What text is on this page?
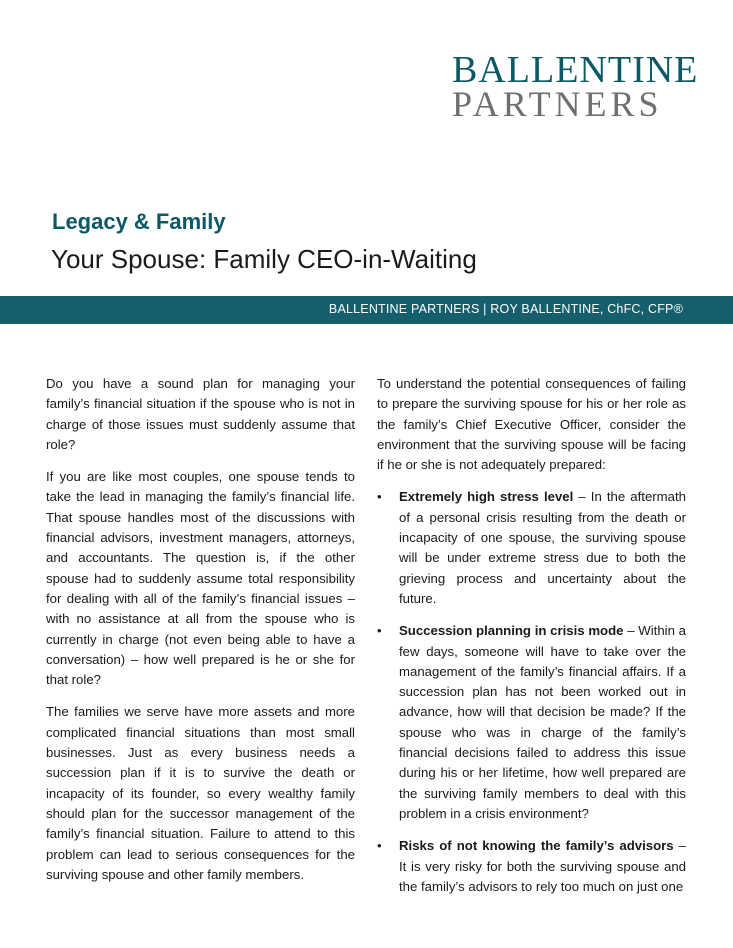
BALLENTINE
PARTNERS
Legacy & Family
Your Spouse: Family CEO-in-Waiting
BALLENTINE PARTNERS | ROY BALLENTINE, ChFC, CFP®

Do you have a sound plan for managing your family’s financial situation if the spouse who is not in charge of those issues must suddenly assume that role?

If you are like most couples, one spouse tends to take the lead in managing the family’s financial life. That spouse handles most of the discussions with financial advisors, investment managers, attorneys, and accountants. The question is, if the other spouse had to suddenly assume total responsibility for dealing with all of the family’s financial issues – with no assistance at all from the spouse who is currently in charge (not even being able to have a conversation) – how well prepared is he or she for that role?

The families we serve have more assets and more complicated financial situations than most small businesses. Just as every business needs a succession plan if it is to survive the death or incapacity of its founder, so every wealthy family should plan for the successor management of the family’s financial situation. Failure to attend to this problem can lead to serious consequences for the surviving spouse and other family members.

To understand the potential consequences of failing to prepare the surviving spouse for his or her role as the family’s Chief Executive Officer, consider the environment that the surviving spouse will be facing if he or she is not adequately prepared:

• Extremely high stress level – In the aftermath of a personal crisis resulting from the death or incapacity of one spouse, the surviving spouse will be under extreme stress due to both the grieving process and uncertainty about the future.
• Succession planning in crisis mode – Within a few days, someone will have to take over the management of the family’s financial affairs. If a succession plan has not been worked out in advance, how will that decision be made? If the spouse who was in charge of the family’s financial decisions failed to address this issue during his or her lifetime, how well prepared are the surviving family members to deal with this problem in a crisis environment?
• Risks of not knowing the family’s advisors – It is very risky for both the surviving spouse and the family’s advisors to rely too much on just one
